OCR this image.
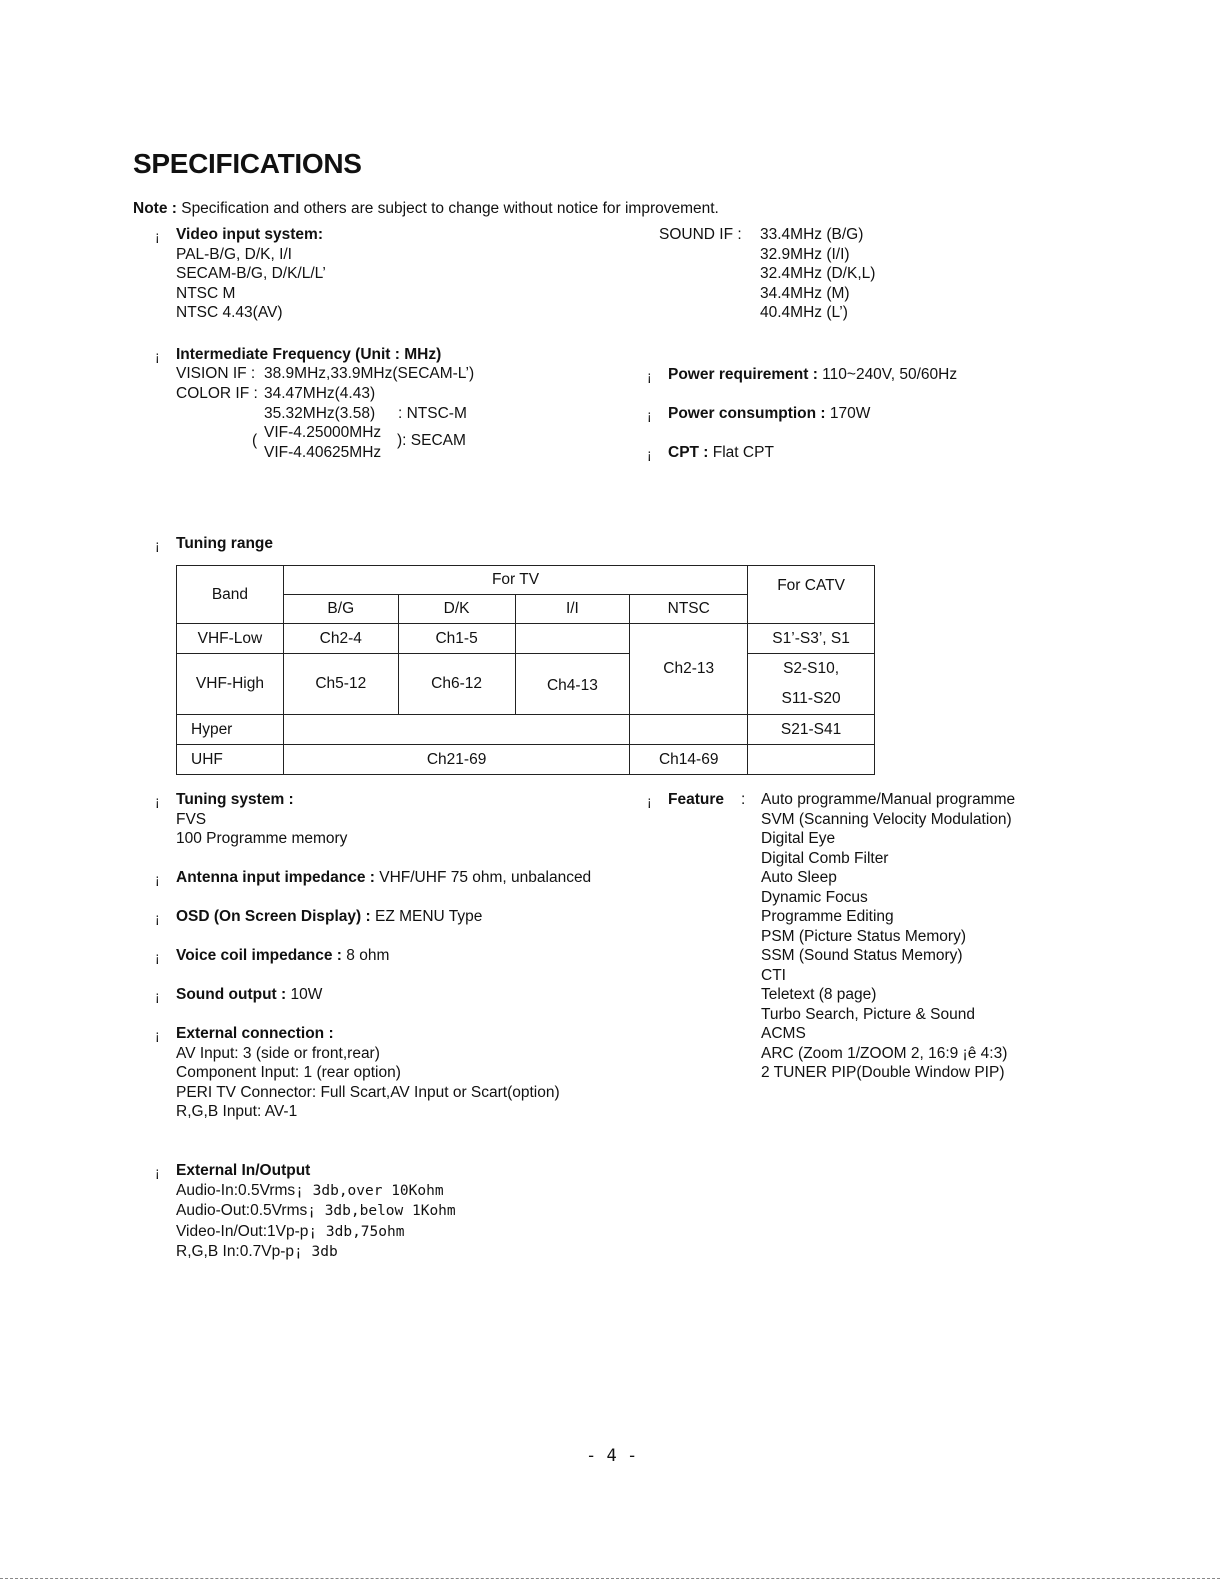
SPECIFICATIONS
Note : Specification and others are subject to change without notice for improvement.
¡ Video input system:
PAL-B/G, D/K, I/I
SECAM-B/G, D/K/L/L’
NTSC M
NTSC 4.43(AV)
SOUND IF : 33.4MHz (B/G)
32.9MHz (I/I)
32.4MHz (D/K,L)
34.4MHz (M)
40.4MHz (L’)
¡ Intermediate Frequency (Unit : MHz)
VISION IF : 38.9MHz,33.9MHz(SECAM-L’)
COLOR IF : 34.47MHz(4.43)
35.32MHz(3.58) : NTSC-M
( VIF-4.25000MHz
VIF-4.40625MHz
): SECAM
¡ Power requirement : 110~240V, 50/60Hz
¡ Power consumption : 170W
¡ CPT : Flat CPT
¡ Tuning range
Band	For TV				For CATV
	B/G	D/K	I/I	NTSC	
VHF-Low	Ch2-4	Ch1-5		Ch2-13	S1’-S3’, S1
VHF-High	Ch5-12	Ch6-12	Ch4-13		S2-S10,
S11-S20

Hyper					S21-S41
UHF	Ch21-69			Ch14-69	
¡ Tuning system :
FVS
100 Programme memory
¡ Antenna input impedance : VHF/UHF 75 ohm, unbalanced
¡ OSD (On Screen Display) : EZ MENU Type
¡ Voice coil impedance : 8 ohm
¡ Sound output : 10W
¡ External connection :
AV Input: 3 (side or front,rear)
Component Input: 1 (rear option)
PERI TV Connector: Full Scart,AV Input or Scart(option)
R,G,B Input: AV-1
¡ Feature : Auto programme/Manual programme
SVM (Scanning Velocity Modulation)
Digital Eye
Digital Comb Filter
Auto Sleep
Dynamic Focus
Programme Editing
PSM (Picture Status Memory)
SSM (Sound Status Memory)
CTI
Teletext (8 page)
Turbo Search, Picture & Sound
ACMS
ARC (Zoom 1/ZOOM 2, 16:9 ¡ê 4:3)
2 TUNER PIP(Double Window PIP)
¡ External In/Output
Audio-In:0.5Vrms¡ 3db,over 10Kohm
Audio-Out:0.5Vrms¡ 3db,below 1Kohm
Video-In/Out:1Vp-p¡ 3db,75ohm
R,G,B In:0.7Vp-p¡ 3db
- 4 -
